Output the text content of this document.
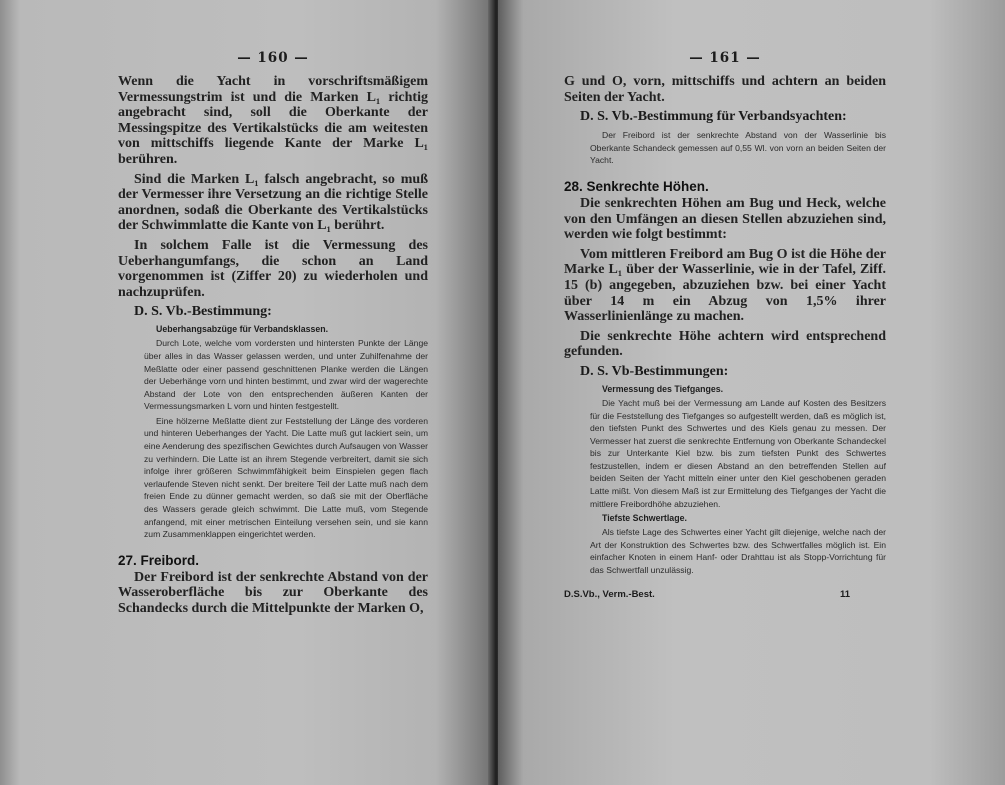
— 160 —

Wenn die Yacht in vorschriftsmäßigem Vermessungstrim ist und die Marken L₁ richtig angebracht sind, soll die Oberkante der Messingspitze des Vertikalstücks die am weitesten von mittschiffs liegende Kante der Marke L₁ berühren.

Sind die Marken L₁ falsch angebracht, so muß der Vermesser ihre Versetzung an die richtige Stelle anordnen, sodaß die Oberkante des Vertikalstücks der Schwimmlatte die Kante von L₁ berührt.

In solchem Falle ist die Vermessung des Ueberhangumfangs, die schon an Land vorgenommen ist (Ziffer 20) zu wiederholen und nachzuprüfen.

D. S. Vb.-Bestimmung:

Ueberhangsabzüge für Verbandsklassen.

Durch Lote, welche vom vordersten und hintersten Punkte der Länge über alles in das Wasser gelassen werden, und unter Zuhilfenahme der Meßlatte oder einer passend geschnittenen Planke werden die Längen der Ueberhänge vorn und hinten bestimmt, und zwar wird der wagerechte Abstand der Lote von den entsprechenden äußeren Kanten der Vermessungsmarken L vorn und hinten festgestellt.

Eine hölzerne Meßlatte dient zur Feststellung der Länge des vorderen und hinteren Ueberhanges der Yacht. Die Latte muß gut lackiert sein, um eine Aenderung des spezifischen Gewichtes durch Aufsaugen von Wasser zu verhindern. Die Latte ist an ihrem Stegende verbreitert, damit sie sich infolge ihrer größeren Schwimmfähigkeit beim Einspielen gegen flach verlaufende Steven nicht senkt. Der breitere Teil der Latte muß nach dem freien Ende zu dünner gemacht werden, so daß sie mit der Oberfläche des Wassers gerade gleich schwimmt. Die Latte muß, vom Stegende anfangend, mit einer metrischen Einteilung versehen sein, und sie kann zum Zusammenklappen eingerichtet werden.

27. Freibord.

Der Freibord ist der senkrechte Abstand von der Wasseroberfläche bis zur Oberkante des Schandecks durch die Mittelpunkte der Marken O,

— 161 —

G und O, vorn, mittschiffs und achtern an beiden Seiten der Yacht.

D. S. Vb.-Bestimmung für Verbandsyachten:

Der Freibord ist der senkrechte Abstand von der Wasserlinie bis Oberkante Schandeck gemessen auf 0,55 Wl. von vorn an beiden Seiten der Yacht.

28. Senkrechte Höhen.

Die senkrechten Höhen am Bug und Heck, welche von den Umfängen an diesen Stellen abzuziehen sind, werden wie folgt bestimmt:

Vom mittleren Freibord am Bug O ist die Höhe der Marke L₁ über der Wasserlinie, wie in der Tafel, Ziff. 15 (b) angegeben, abzuziehen bzw. bei einer Yacht über 14 m ein Abzug von 1,5% ihrer Wasserlinienlänge zu machen.

Die senkrechte Höhe achtern wird entsprechend gefunden.

D. S. Vb-Bestimmungen:

Vermessung des Tiefganges.

Die Yacht muß bei der Vermessung am Lande auf Kosten des Besitzers für die Feststellung des Tiefganges so aufgestellt werden, daß es möglich ist, den tiefsten Punkt des Schwertes und des Kiels genau zu messen. Der Vermesser hat zuerst die senkrechte Entfernung von Oberkante Schandeckel bis zur Unterkante Kiel bzw. bis zum tiefsten Punkt des Schwertes festzustellen, indem er diesen Abstand an den betreffenden Stellen auf beiden Seiten der Yacht mitteln einer unter den Kiel geschobenen geraden Latte mißt. Von diesem Maß ist zur Ermittelung des Tiefganges der Yacht die mittlere Freibordhöhe abzuziehen.

Tiefste Schwertlage.

Als tiefste Lage des Schwertes einer Yacht gilt diejenige, welche nach der Art der Konstruktion des Schwertes bzw. des Schwertfalles möglich ist. Ein einfacher Knoten in einem Hanf- oder Drahttau ist als Stopp-Vorrichtung für das Schwertfall unzulässig.

D.S.Vb., Verm.-Best.	11
